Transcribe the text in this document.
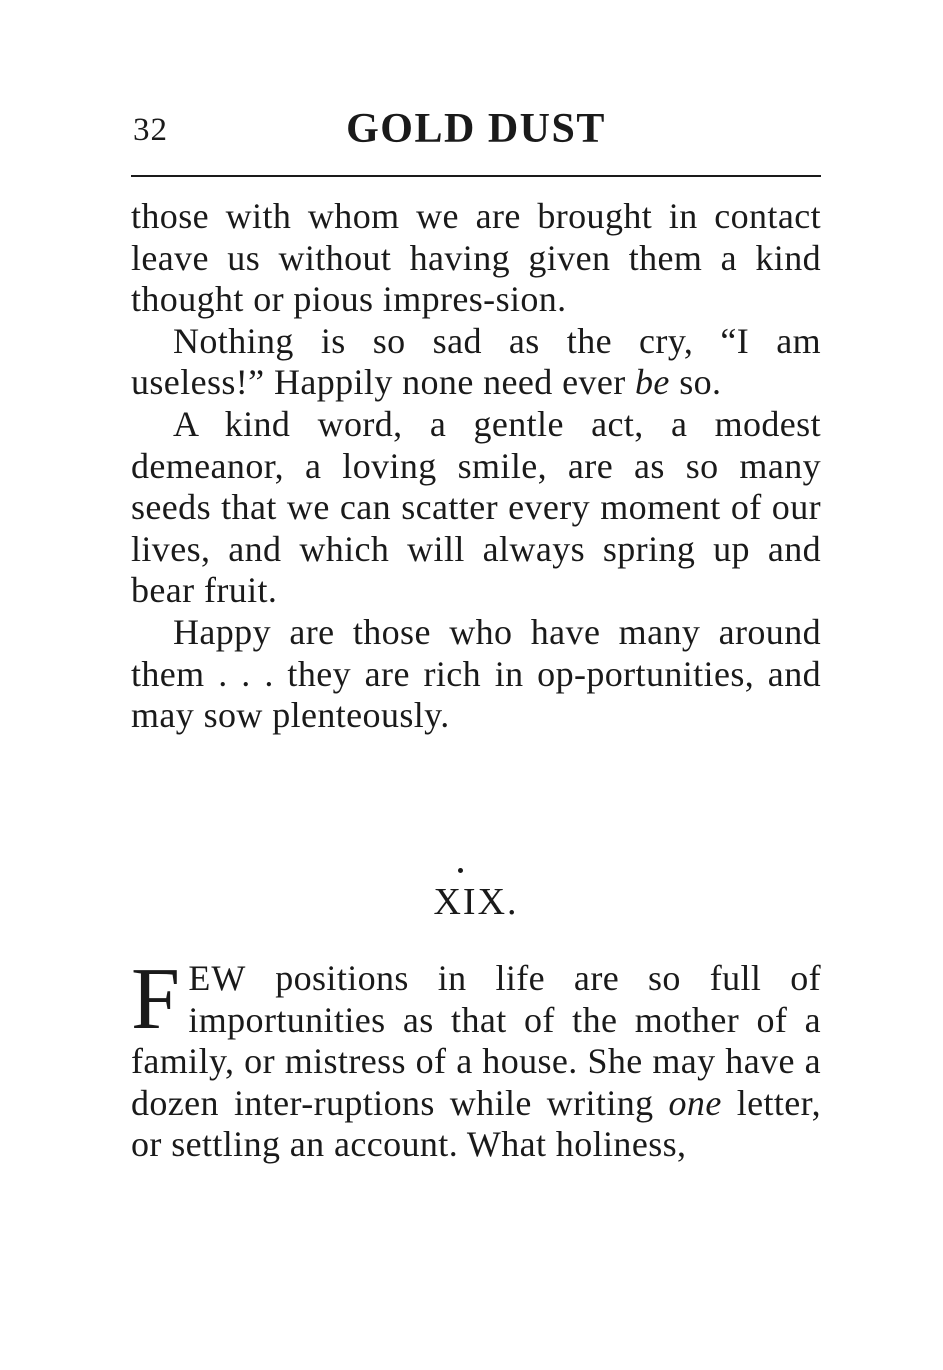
32	GOLD DUST

those with whom we are brought in contact leave us without having given them a kind thought or pious impres-sion.

Nothing is so sad as the cry, “I am useless!” Happily none need ever be so.

A kind word, a gentle act, a modest demeanor, a loving smile, are as so many seeds that we can scatter every moment of our lives, and which will always spring up and bear fruit.

Happy are those who have many around them . . . they are rich in op-portunities, and may sow plenteously.

XIX.

FEW positions in life are so full of importunities as that of the mother of a family, or mistress of a house. She may have a dozen inter-ruptions while writing one letter, or settling an account. What holiness,
